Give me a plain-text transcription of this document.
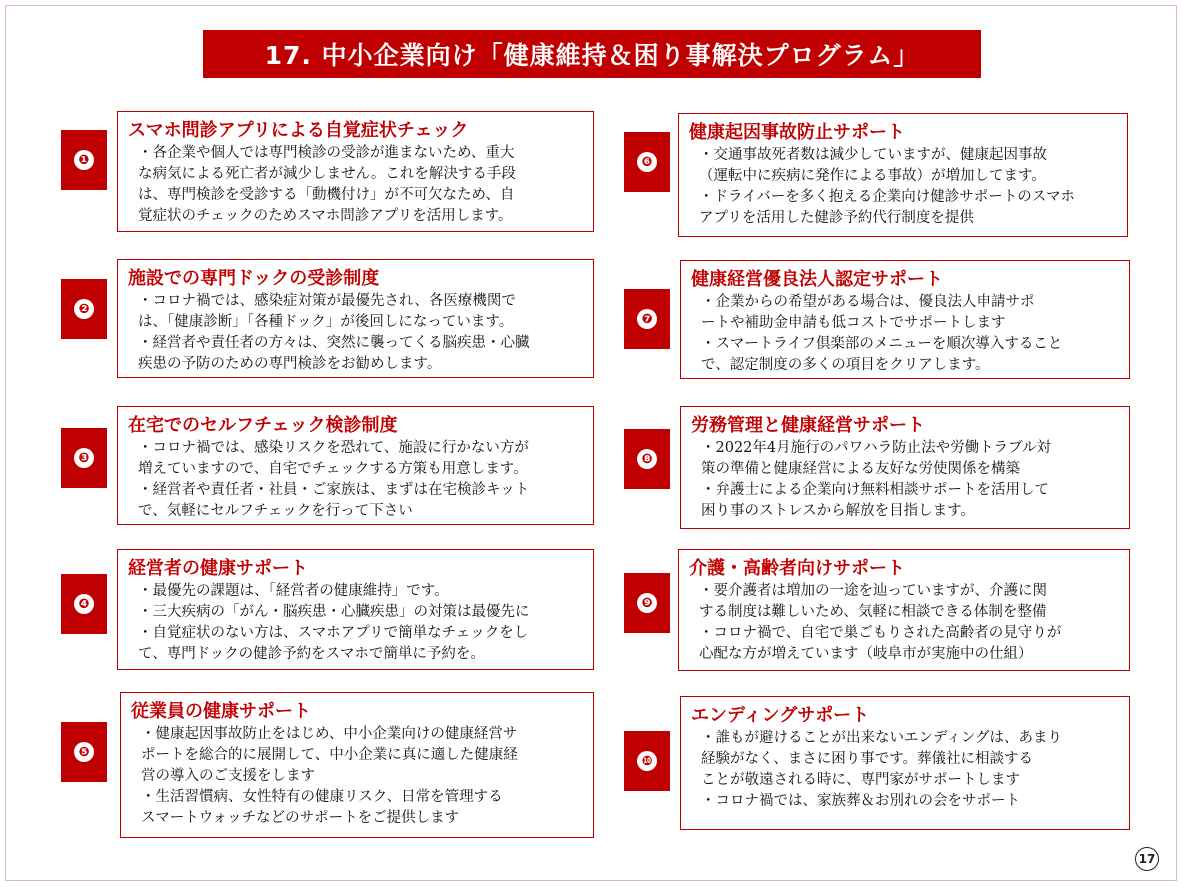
17. 中小企業向け「健康維持＆困り事解決プログラム」
❶
スマホ問診アプリによる自覚症状チェック

・各企業や個人では専門検診の受診が進まないため、重大

な病気による死亡者が減少しません。これを解決する手段

は、専門検診を受診する「動機付け」が不可欠なため、自

覚症状のチェックのためスマホ問診アプリを活用します。

❷
施設での専門ドックの受診制度

・コロナ禍では、感染症対策が最優先され、各医療機関で

は、「健康診断」「各種ドック」が後回しになっています。

・経営者や責任者の方々は、突然に襲ってくる脳疾患・心臓

疾患の予防のための専門検診をお勧めします。

❸
在宅でのセルフチェック検診制度

・コロナ禍では、感染リスクを恐れて、施設に行かない方が

増えていますので、自宅でチェックする方策も用意します。

・経営者や責任者・社員・ご家族は、まずは在宅検診キット

で、気軽にセルフチェックを行って下さい

❹
経営者の健康サポート

・最優先の課題は、「経営者の健康維持」です。

・三大疾病の「がん・脳疾患・心臓疾患」の対策は最優先に

・自覚症状のない方は、スマホアプリで簡単なチェックをし

て、専門ドックの健診予約をスマホで簡単に予約を。

❺
従業員の健康サポート

・健康起因事故防止をはじめ、中小企業向けの健康経営サ

ポートを総合的に展開して、中小企業に真に適した健康経

営の導入のご支援をします

・生活習慣病、女性特有の健康リスク、日常を管理する

スマートウォッチなどのサポートをご提供します

❻
健康起因事故防止サポート

・交通事故死者数は減少していますが、健康起因事故

（運転中に疾病に発作による事故）が増加してます。

・ドライバーを多く抱える企業向け健診サポートのスマホ

アプリを活用した健診予約代行制度を提供

❼
健康経営優良法人認定サポート

・企業からの希望がある場合は、優良法人申請サポ

ートや補助金申請も低コストでサポートします

・スマートライフ倶楽部のメニューを順次導入すること

で、認定制度の多くの項目をクリアします。

❽
労務管理と健康経営サポート

・2022年4月施行のパワハラ防止法や労働トラブル対

策の準備と健康経営による友好な労使関係を構築

・弁護士による企業向け無料相談サポートを活用して

困り事のストレスから解放を目指します。

❾
介護・高齢者向けサポート

・要介護者は増加の一途を辿っていますが、介護に関

する制度は難しいため、気軽に相談できる体制を整備

・コロナ禍で、自宅で巣ごもりされた高齢者の見守りが

心配な方が増えています（岐阜市が実施中の仕組）

❿
エンディングサポート

・誰もが避けることが出来ないエンディングは、あまり

経験がなく、まさに困り事です。葬儀社に相談する

ことが敬遠される時に、専門家がサポートします

・コロナ禍では、家族葬＆お別れの会をサポート

17
